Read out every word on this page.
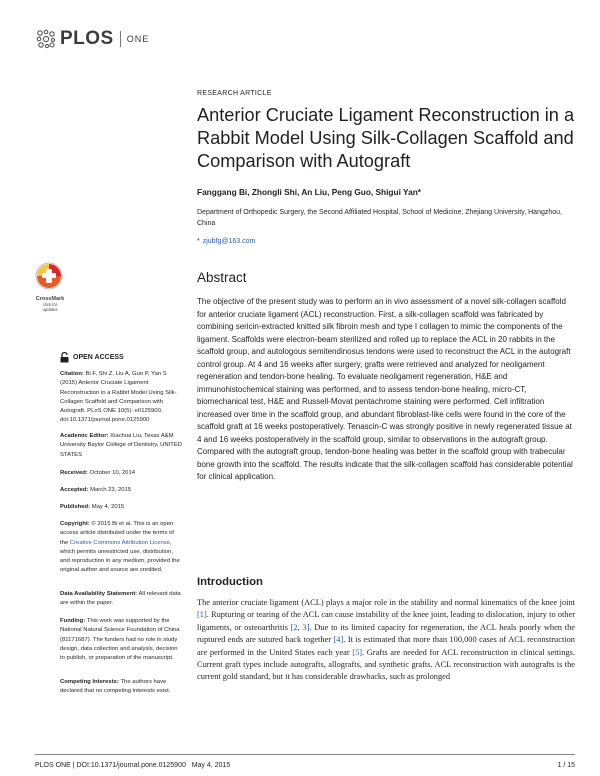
PLOS ONE
RESEARCH ARTICLE
Anterior Cruciate Ligament Reconstruction in a Rabbit Model Using Silk-Collagen Scaffold and Comparison with Autograft
Fanggang Bi, Zhongli Shi, An Liu, Peng Guo, Shigui Yan*
Department of Orthopedic Surgery, the Second Affiliated Hospital, School of Medicine, Zhejiang University, Hangzhou, China
* zjubfg@163.com
CrossMark
click for updates
OPEN ACCESS
Citation: Bi F, Shi Z, Liu A, Guo P, Yan S (2015) Anterior Cruciate Ligament Reconstruction in a Rabbit Model Using Silk-Collagen Scaffold and Comparison with Autograft. PLoS ONE 10(5): e0125900. doi:10.1371/journal.pone.0125900
Academic Editor: Xiachua Liu, Texas A&M University Baylor College of Dentistry, UNITED STATES
Received: October 10, 2014
Accepted: March 23, 2015
Published: May 4, 2015
Copyright: © 2015 Bi et al. This is an open access article distributed under the terms of the Creative Commons Attribution License, which permits unrestricted use, distribution, and reproduction in any medium, provided the original author and source are credited.
Data Availability Statement: All relevant data are within the paper.
Funding: This work was supported by the National Natural Science Foundation of China (81171687). The funders had no role in study design, data collection and analysis, decision to publish, or preparation of the manuscript.
Competing Interests: The authors have declared that no competing interests exist.
Abstract

The objective of the present study was to perform an in vivo assessment of a novel silk-collagen scaffold for anterior cruciate ligament (ACL) reconstruction. First, a silk-collagen scaffold was fabricated by combining sericin-extracted knitted silk fibroin mesh and type I collagen to mimic the components of the ligament. Scaffolds were electron-beam sterilized and rolled up to replace the ACL in 20 rabbits in the scaffold group, and autologous semitendinosus tendons were used to reconstruct the ACL in the autograft control group. At 4 and 16 weeks after surgery, grafts were retrieved and analyzed for neoligament regeneration and tendon-bone healing. To evaluate neoligament regeneration, H&E and immunohistochemical staining was performed, and to assess tendon-bone healing, micro-CT, biomechanical test, H&E and Russell-Movat pentachrome staining were performed. Cell infiltration increased over time in the scaffold group, and abundant fibroblast-like cells were found in the core of the scaffold graft at 16 weeks postoperatively. Tenascin-C was strongly positive in newly regenerated tissue at 4 and 16 weeks postoperatively in the scaffold group, similar to observations in the autograft group. Compared with the autograft group, tendon-bone healing was better in the scaffold group with trabecular bone growth into the scaffold. The results indicate that the silk-collagen scaffold has considerable potential for clinical application.

Introduction

The anterior cruciate ligament (ACL) plays a major role in the stability and normal kinematics of the knee joint [1]. Rupturing or tearing of the ACL can cause instability of the knee joint, leading to dislocation, injury to other ligaments, or osteoarthritis [2, 3]. Due to its limited capacity for regeneration, the ACL heals poorly when the ruptured ends are sutured back together [4]. It is estimated that more than 100,000 cases of ACL reconstruction are performed in the United States each year [5]. Grafts are needed for ACL reconstruction in clinical settings. Current graft types include autografts, allografts, and synthetic grafts. ACL reconstruction with autografts is the current gold standard, but it has considerable drawbacks, such as prolonged

PLOS ONE | DOI:10.1371/journal.pone.0125900   May 4, 2015	1 / 15
